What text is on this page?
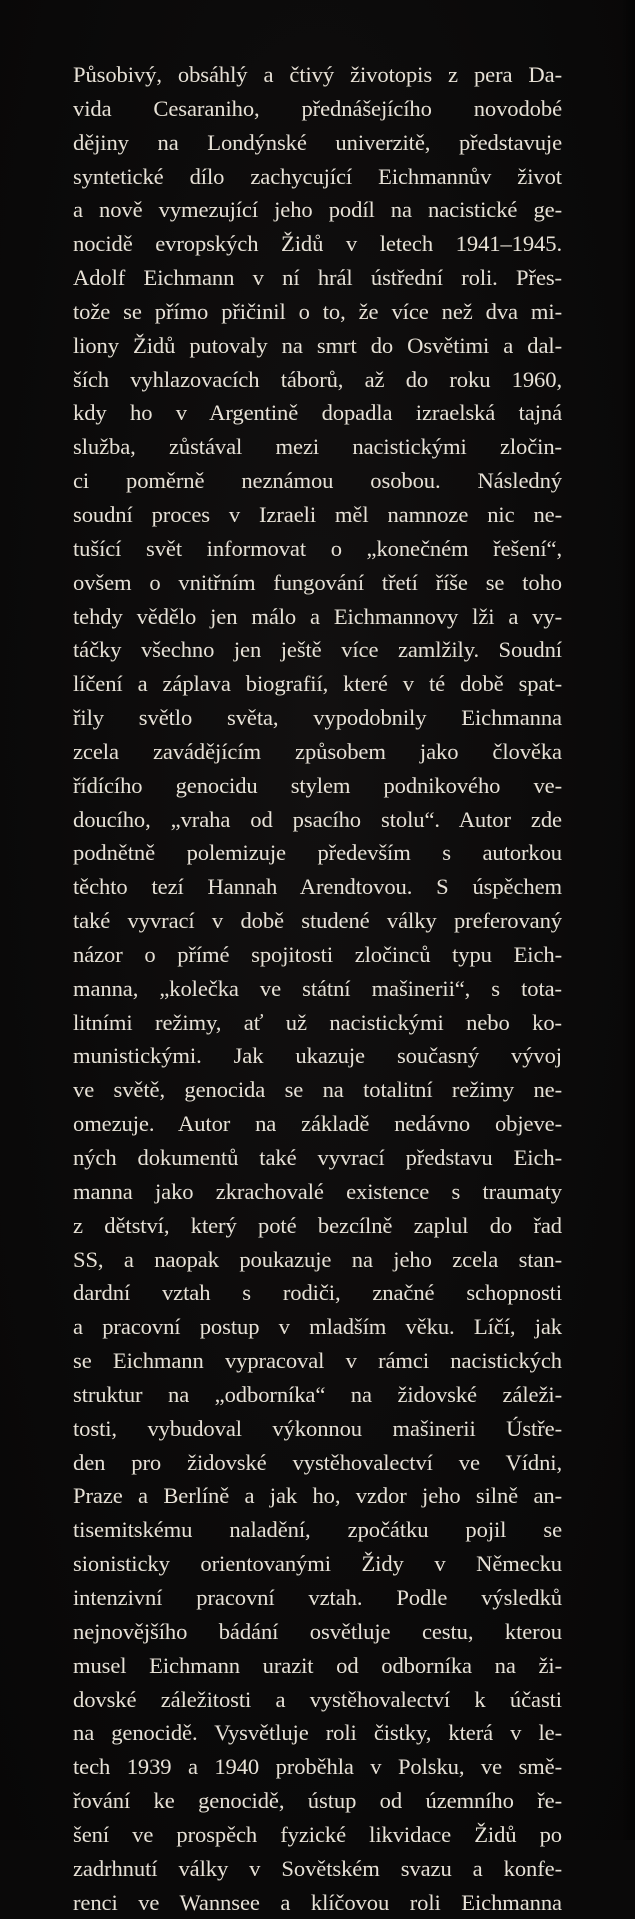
Působivý, obsáhlý a čtivý životopis z pera Da-
vida Cesaraniho, přednášejícího novodobé
dějiny na Londýnské univerzitě, představuje
syntetické dílo zachycující Eichmannův život
a nově vymezující jeho podíl na nacistické ge-
nocidě evropských Židů v letech 1941–1945.
Adolf Eichmann v ní hrál ústřední roli. Přes-
tože se přímo přičinil o to, že více než dva mi-
liony Židů putovaly na smrt do Osvětimi a dal-
ších vyhlazovacích táborů, až do roku 1960,
kdy ho v Argentině dopadla izraelská tajná
služba, zůstával mezi nacistickými zločin-
ci poměrně neznámou osobou. Následný
soudní proces v Izraeli měl namnoze nic ne-
tušící svět informovat o „konečném řešení“,
ovšem o vnitřním fungování třetí říše se toho
tehdy vědělo jen málo a Eichmannovy lži a vy-
táčky všechno jen ještě více zamlžily. Soudní
líčení a záplava biografií, které v té době spat-
řily světlo světa, vypodobnily Eichmanna
zcela zavádějícím způsobem jako člověka
řídícího genocidu stylem podnikového ve-
doucího, „vraha od psacího stolu“. Autor zde
podnětně polemizuje především s autorkou
těchto tezí Hannah Arendtovou. S úspěchem
také vyvrací v době studené války preferovaný
názor o přímé spojitosti zločinců typu Eich-
manna, „kolečka ve státní mašinerii“, s tota-
litními režimy, ať už nacistickými nebo ko-
munistickými. Jak ukazuje současný vývoj
ve světě, genocida se na totalitní režimy ne-
omezuje. Autor na základě nedávno objeve-
ných dokumentů také vyvrací představu Eich-
manna jako zkrachovalé existence s traumaty
z dětství, který poté bezcílně zaplul do řad
SS, a naopak poukazuje na jeho zcela stan-
dardní vztah s rodiči, značné schopnosti
a pracovní postup v mladším věku. Líčí, jak
se Eichmann vypracoval v rámci nacistických
struktur na „odborníka“ na židovské záleži-
tosti, vybudoval výkonnou mašinerii Ústře-
den pro židovské vystěhovalectví ve Vídni,
Praze a Berlíně a jak ho, vzdor jeho silně an-
tisemitskému naladění, zpočátku pojil se
sionisticky orientovanými Židy v Německu
intenzivní pracovní vztah. Podle výsledků
nejnovějšího bádání osvětluje cestu, kterou
musel Eichmann urazit od odborníka na ži-
dovské záležitosti a vystěhovalectví k účasti
na genocidě. Vysvětluje roli čistky, která v le-
tech 1939 a 1940 proběhla v Polsku, ve smě-
řování ke genocidě, ústup od územního ře-
šení ve prospěch fyzické likvidace Židů po
zadrhnutí války v Sovětském svazu a konfe-
renci ve Wannsee a klíčovou roli Eichmanna
